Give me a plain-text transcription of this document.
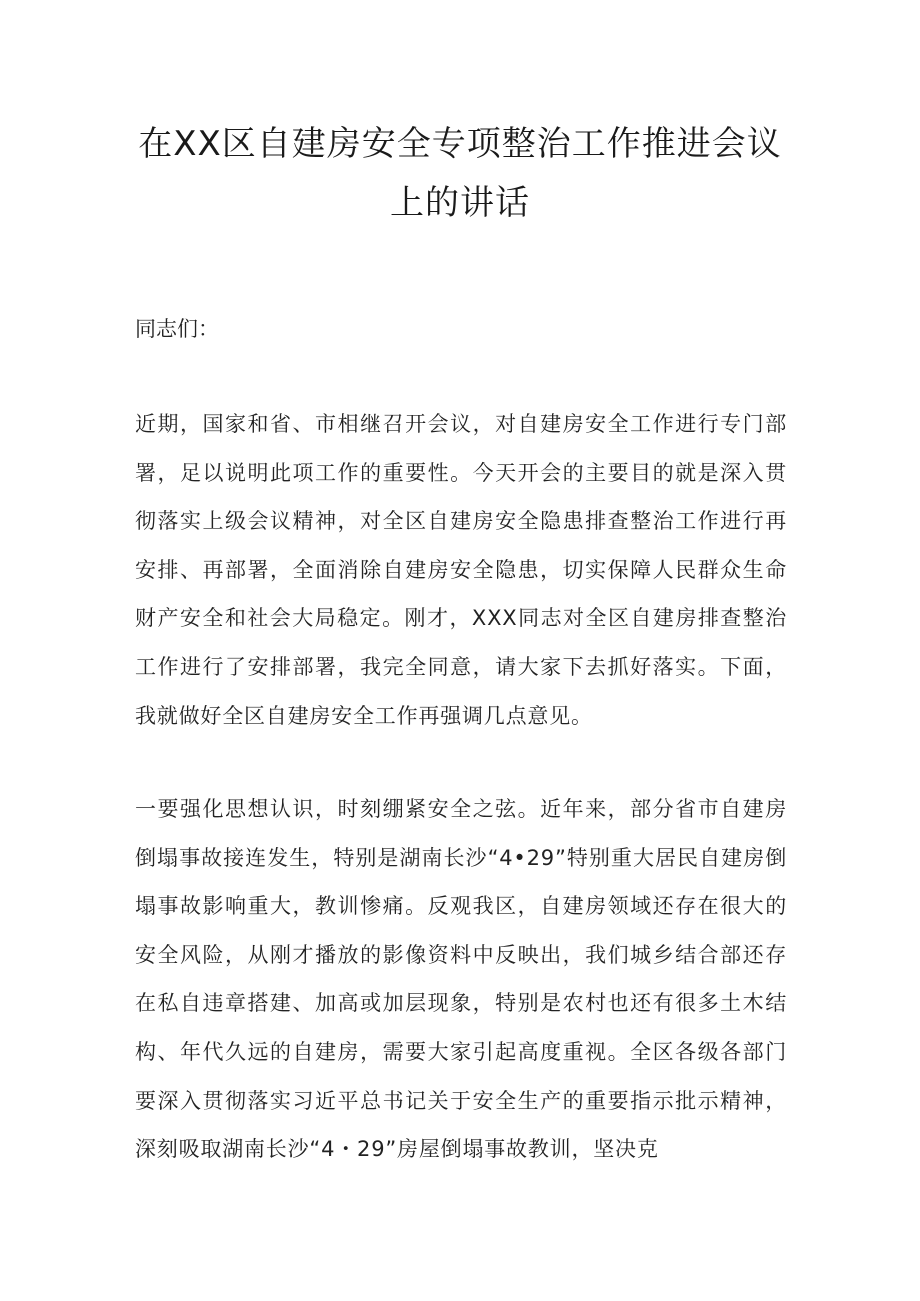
在XX区自建房安全专项整治工作推进会议上的讲话

同志们：

近期，国家和省、市相继召开会议，对自建房安全工作进行专门部署，足以说明此项工作的重要性。今天开会的主要目的就是深入贯彻落实上级会议精神，对全区自建房安全隐患排查整治工作进行再安排、再部署，全面消除自建房安全隐患，切实保障人民群众生命财产安全和社会大局稳定。刚才，XXX同志对全区自建房排查整治工作进行了安排部署，我完全同意，请大家下去抓好落实。下面，我就做好全区自建房安全工作再强调几点意见。

一要强化思想认识，时刻绷紧安全之弦。近年来，部分省市自建房倒塌事故接连发生，特别是湖南长沙“4•29”特别重大居民自建房倒塌事故影响重大，教训惨痛。反观我区，自建房领域还存在很大的安全风险，从刚才播放的影像资料中反映出，我们城乡结合部还存在私自违章搭建、加高或加层现象，特别是农村也还有很多土木结构、年代久远的自建房，需要大家引起高度重视。全区各级各部门要深入贯彻落实习近平总书记关于安全生产的重要指示批示精神，深刻吸取湖南长沙“4・29”房屋倒塌事故教训，坚决克
